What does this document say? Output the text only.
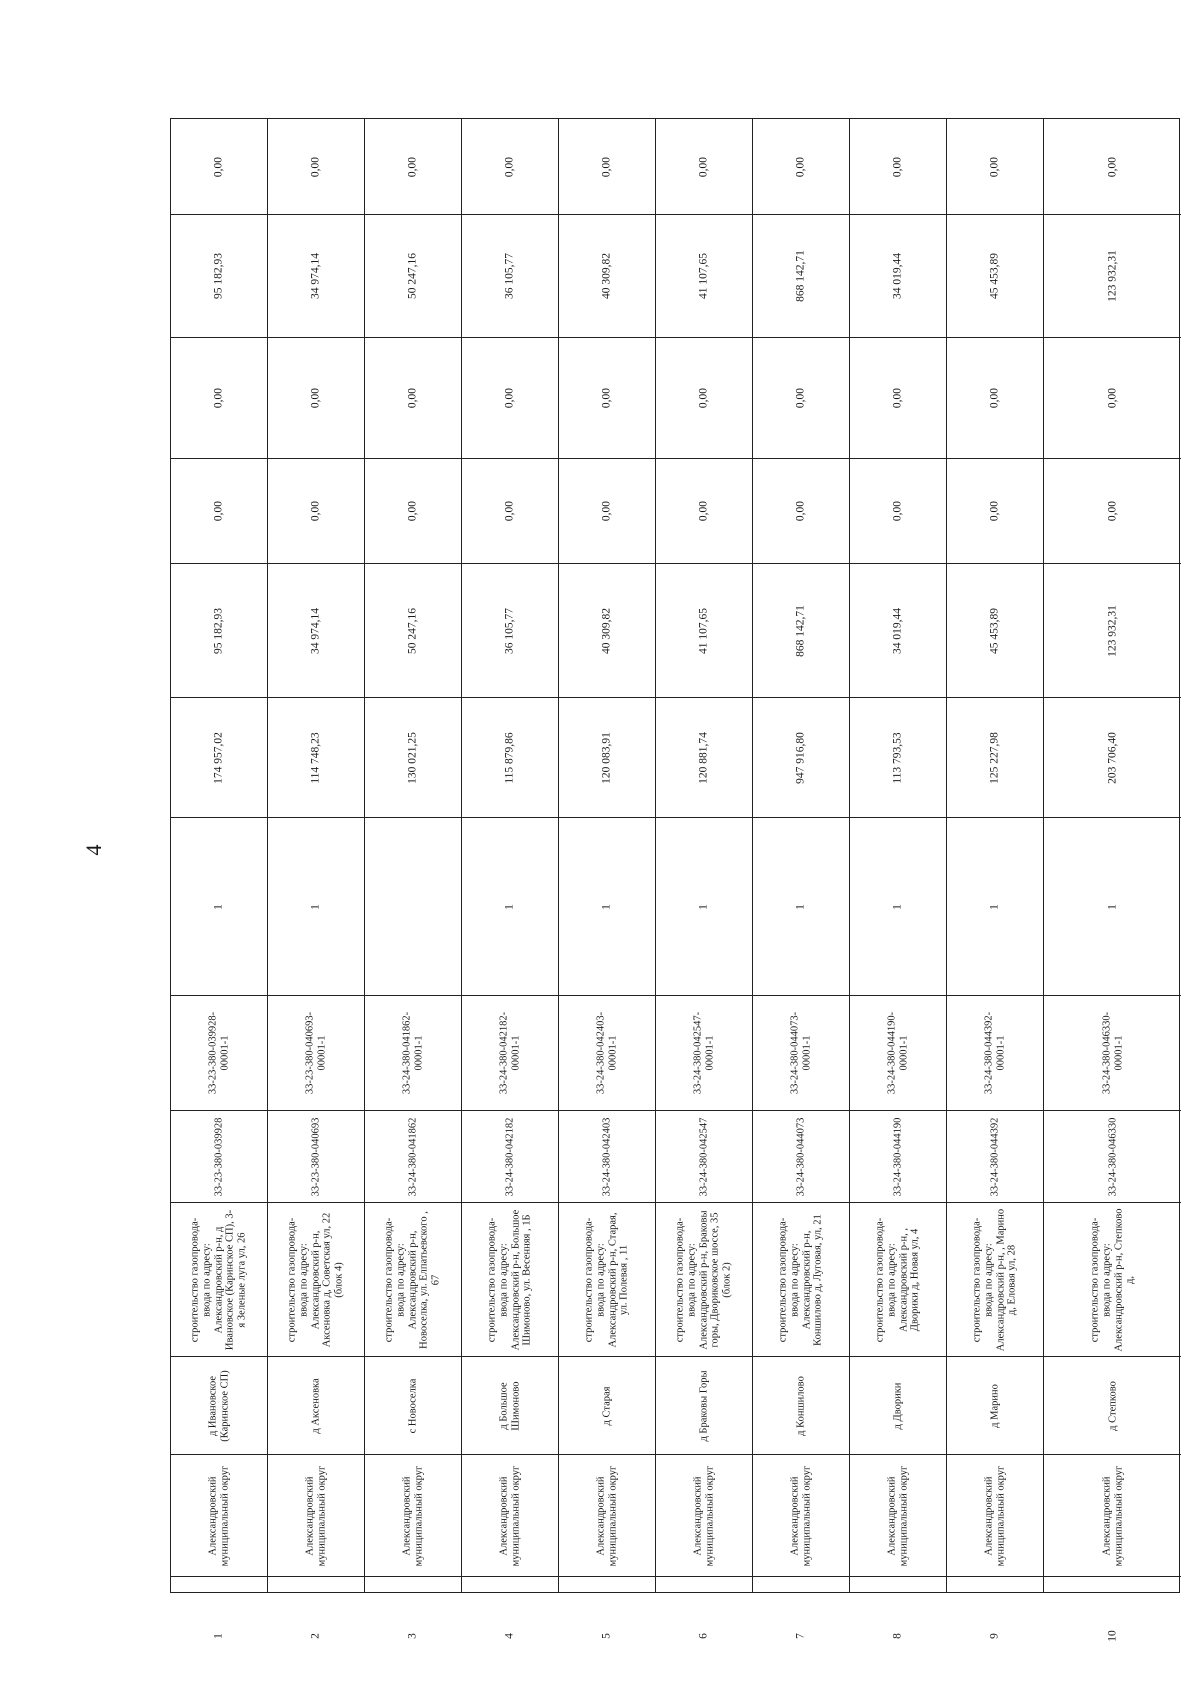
4
0,00
95 182,93
0,00
0,00
95 182,93
174 957,02
1
33-23-380-039928-00001-1
33-23-380-039928
строительство газопровода-ввода по адресу: Александровский р-н, д Ивановское (Каринское СП), 3-я Зеленые луга ул, 26
д Ивановское (Каринское СП)
Александровский муниципальный округ
1
0,00
34 974,14
0,00
0,00
34 974,14
114 748,23
1
33-23-380-040693-00001-1
33-23-380-040693
строительство газопровода-ввода по адресу: Александровский р-н, Аксеновка д, Советская ул, 22 (блок 4)
д Аксеновка
Александровский муниципальный округ
2
0,00
50 247,16
0,00
0,00
50 247,16
130 021,25
33-24-380-041862-00001-1
33-24-380-041862
строительство газопровода-ввода по адресу: Александровский р-н, Новоселка, ул. Елпатьевского , 67
с Новоселка
Александровский муниципальный округ
3
0,00
36 105,77
0,00
0,00
36 105,77
115 879,86
1
33-24-380-042182-00001-1
33-24-380-042182
строительство газопровода-ввода по адресу: Александровский р-н, Большое Шимоново, ул. Весенняя , 1Б
д Большое Шимоново
Александровский муниципальный округ
4
0,00
40 309,82
0,00
0,00
40 309,82
120 083,91
1
33-24-380-042403-00001-1
33-24-380-042403
строительство газопровода-ввода по адресу: Александровский р-н, Старая, ул. Полевая , 11
д Старая
Александровский муниципальный округ
5
0,00
41 107,65
0,00
0,00
41 107,65
120 881,74
1
33-24-380-042547-00001-1
33-24-380-042547
строительство газопровода-ввода по адресу: Александровский р-н, Браковы горы, Двориковское шоссе, 35 (блок 2)
д Бpаковы Горы
Александровский муниципальный округ
6
0,00
868 142,71
0,00
0,00
868 142,71
947 916,80
1
33-24-380-044073-00001-1
33-24-380-044073
строительство газопровода-ввода по адресу: Александровский р-н, Коншилово д, Луговая, ул, 21
д Коншилово
Александровский муниципальный округ
7
0,00
34 019,44
0,00
0,00
34 019,44
113 793,53
1
33-24-380-044190-00001-1
33-24-380-044190
строительство газопровода-ввода по адресу: Александровский р-н, , Дворики д, Новая ул, 4
д Дворики
Александровский муниципальный округ
8
0,00
45 453,89
0,00
0,00
45 453,89
125 227,98
1
33-24-380-044392-00001-1
33-24-380-044392
строительство газопровода-ввода по адресу: Александровский р-н, , Марино д, Еловая ул, 28
д Марино
Александровский муниципальный округ
9
0,00
123 932,31
0,00
0,00
123 932,31
203 706,40
1
33-24-380-046330-00001-1
33-24-380-046330
строительство газопровода-ввода по адресу: Александровский р-н, Степково д,
д Степково
Александровский муниципальный округ
10
